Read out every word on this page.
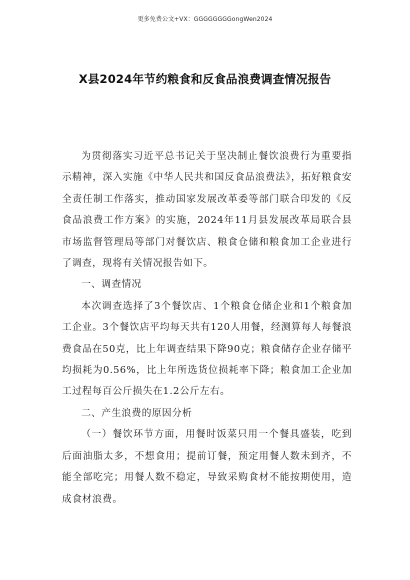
更多免费公文+VX：GGGGGGGGongWen2024
X县2024年节约粮食和反食品浪费调查情况报告

为贯彻落实习近平总书记关于坚决制止餐饮浪费行为重要指示精神，深入实施《中华人民共和国反食品浪费法》，拓好粮食安全责任制工作落实，推动国家发展改革委等部门联合印发的《反食品浪费工作方案》的实施，2024年11月县发展改革局联合县市场监督管理局等部门对餐饮店、粮食仓储和粮食加工企业进行了调查，现将有关情况报告如下。

一、调查情况

本次调查选择了3个餐饮店、1个粮食仓储企业和1个粮食加工企业。3个餐饮店平均每天共有120人用餐，经测算每人每餐浪费食品在50克，比上年调查结果下降90克；粮食储存企业存储平均损耗为0.56%，比上年所选货位损耗率下降；粮食加工企业加工过程每百公斤损失在1.2公斤左右。

二、产生浪费的原因分析

（一）餐饮环节方面，用餐时饭菜只用一个餐具盛装，吃到后面油脂太多，不想食用；提前订餐，预定用餐人数未到齐，不能全部吃完；用餐人数不稳定，导致采购食材不能按期使用，造成食材浪费。
